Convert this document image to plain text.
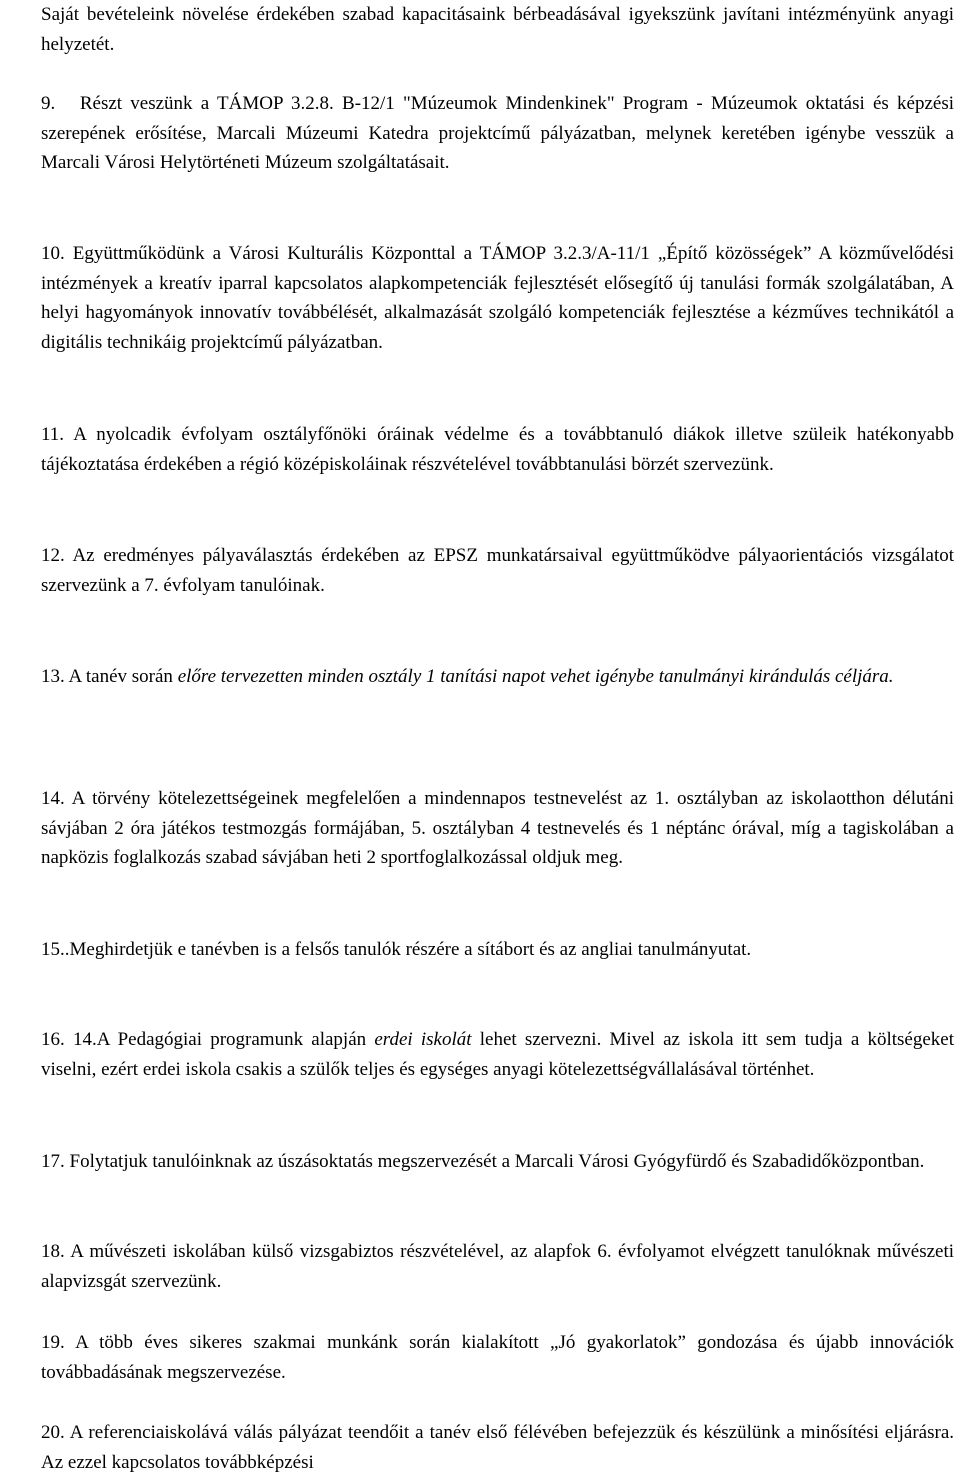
Saját bevételeink növelése érdekében szabad kapacitásaink bérbeadásával igyekszünk javítani intézményünk anyagi helyzetét.

9. Részt veszünk a TÁMOP 3.2.8. B-12/1 "Múzeumok Mindenkinek" Program - Múzeumok oktatási és képzési szerepének erősítése, Marcali Múzeumi Katedra projektcímű pályázatban, melynek keretében igénybe vesszük a Marcali Városi Helytörténeti Múzeum szolgáltatásait.

10. Együttműködünk a Városi Kulturális Központtal a TÁMOP 3.2.3/A-11/1 „Építő közösségek” A közművelődési intézmények a kreatív iparral kapcsolatos alapkompetenciák fejlesztését elősegítő új tanulási formák szolgálatában, A helyi hagyományok innovatív továbbélését, alkalmazását szolgáló kompetenciák fejlesztése a kézműves technikától a digitális technikáig projektcímű pályázatban.

11. A nyolcadik évfolyam osztályfőnöki óráinak védelme és a továbbtanuló diákok illetve szüleik hatékonyabb tájékoztatása érdekében a régió középiskoláinak részvételével továbbtanulási börzét szervezünk.

12. Az eredményes pályaválasztás érdekében az EPSZ munkatársaival együttműködve pályaorientációs vizsgálatot szervezünk a 7. évfolyam tanulóinak.

13. A tanév során előre tervezetten minden osztály 1 tanítási napot vehet igénybe tanulmányi kirándulás céljára.

14. A törvény kötelezettségeinek megfelelően a mindennapos testnevelést az 1. osztályban az iskolaotthon délutáni sávjában 2 óra játékos testmozgás formájában, 5. osztályban 4 testnevelés és 1 néptánc órával, míg a tagiskolában a napközis foglalkozás szabad sávjában heti 2 sportfoglalkozással oldjuk meg.

15..Meghirdetjük e tanévben is a felsős tanulók részére a sítábort és az angliai tanulmányutat.

16. 14.A Pedagógiai programunk alapján erdei iskolát lehet szervezni. Mivel az iskola itt sem tudja a költségeket viselni, ezért erdei iskola csakis a szülők teljes és egységes anyagi kötelezettségvállalásával történhet.

17. Folytatjuk tanulóinknak az úszásoktatás megszervezését a Marcali Városi Gyógyfürdő és Szabadidőközpontban.

18. A művészeti iskolában külső vizsgabiztos részvételével, az alapfok 6. évfolyamot elvégzett tanulóknak művészeti alapvizsgát szervezünk.

19. A több éves sikeres szakmai munkánk során kialakított „Jó gyakorlatok” gondozása és újabb innovációk továbbadásának megszervezése.

20. A referenciaiskolává válás pályázat teendőit a tanév első félévében befejezzük és készülünk a minősítési eljárásra. Az ezzel kapcsolatos továbbképzési
